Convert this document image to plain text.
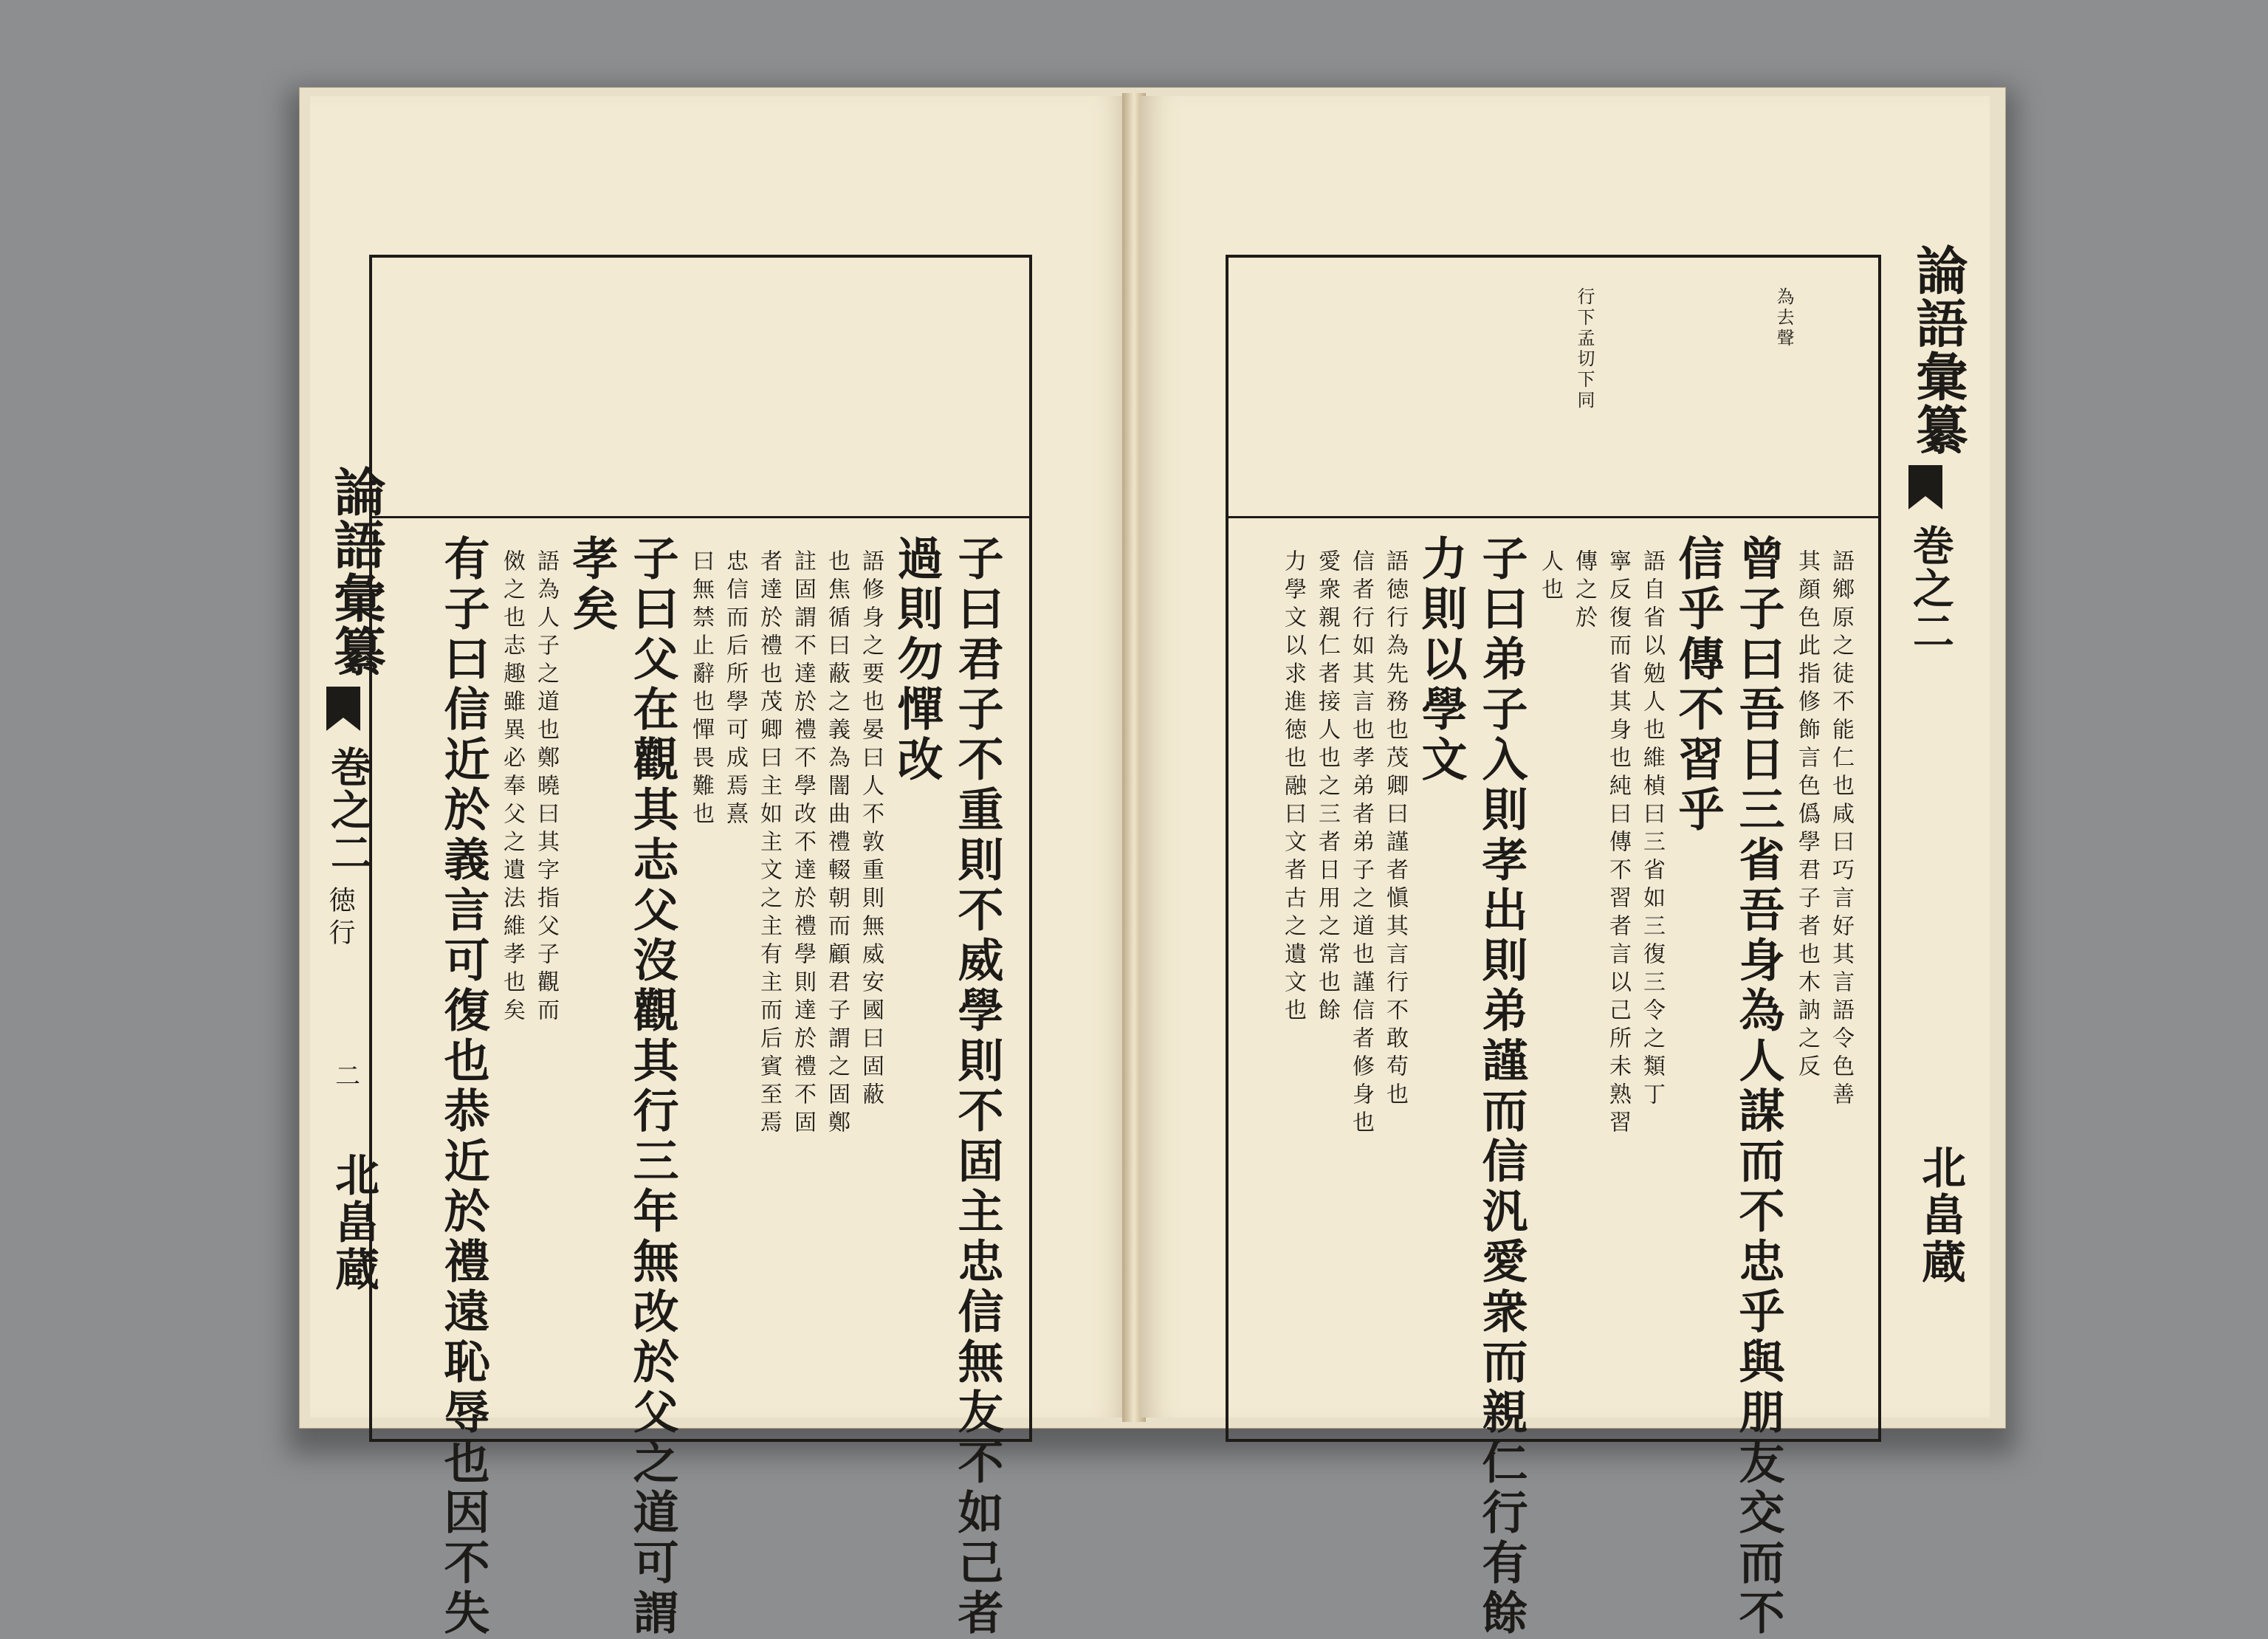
論語彙纂
巻之二
徳行
二
北畠蔵	子曰君子不重則不威學則不固主忠信無友不如己者
過則勿憚改
語修身之要也晏曰人不敦重則無威安國曰固蔽
也焦循曰蔽之義為闇曲禮輟朝而顧君子謂之固鄭
註固謂不達於禮不學改不達於禮學則達於禮不固
者達於禮也茂卿曰主如主文之主有主而后賓至焉
忠信而后所學可成焉熹
曰無禁止辭也憚畏難也
子曰父在觀其志父沒觀其行三年無改於父之道可謂
孝矣
語為人子之道也鄭曉曰其字指父子觀而
傚之也志趣雖異必奉父之遺法維孝也矣
有子曰信近於義言可復也恭近於禮遠恥辱也因不失
為去聲
行下孟切下同
語鄉原之徒不能仁也咸曰巧言好其言語令色善
其顔色此指修飾言色僞學君子者也木訥之反
曾子曰吾日三省吾身為人謀而不忠乎與朋友交而不
信乎傳不習乎
語自省以勉人也維楨曰三省如三復三令之類丁
寧反復而省其身也純曰傳不習者言以己所未熟習
傳之於
人也
子曰弟子入則孝出則弟謹而信汎愛衆而親仁行有餘
力則以學文
語徳行為先務也茂卿曰謹者愼其言行不敢苟也
信者行如其言也孝弟者弟子之道也謹信者修身也
愛衆親仁者接人也之三者日用之常也餘
力學文以求進徳也融曰文者古之遺文也
論語彙纂
巻之二
北畠蔵
